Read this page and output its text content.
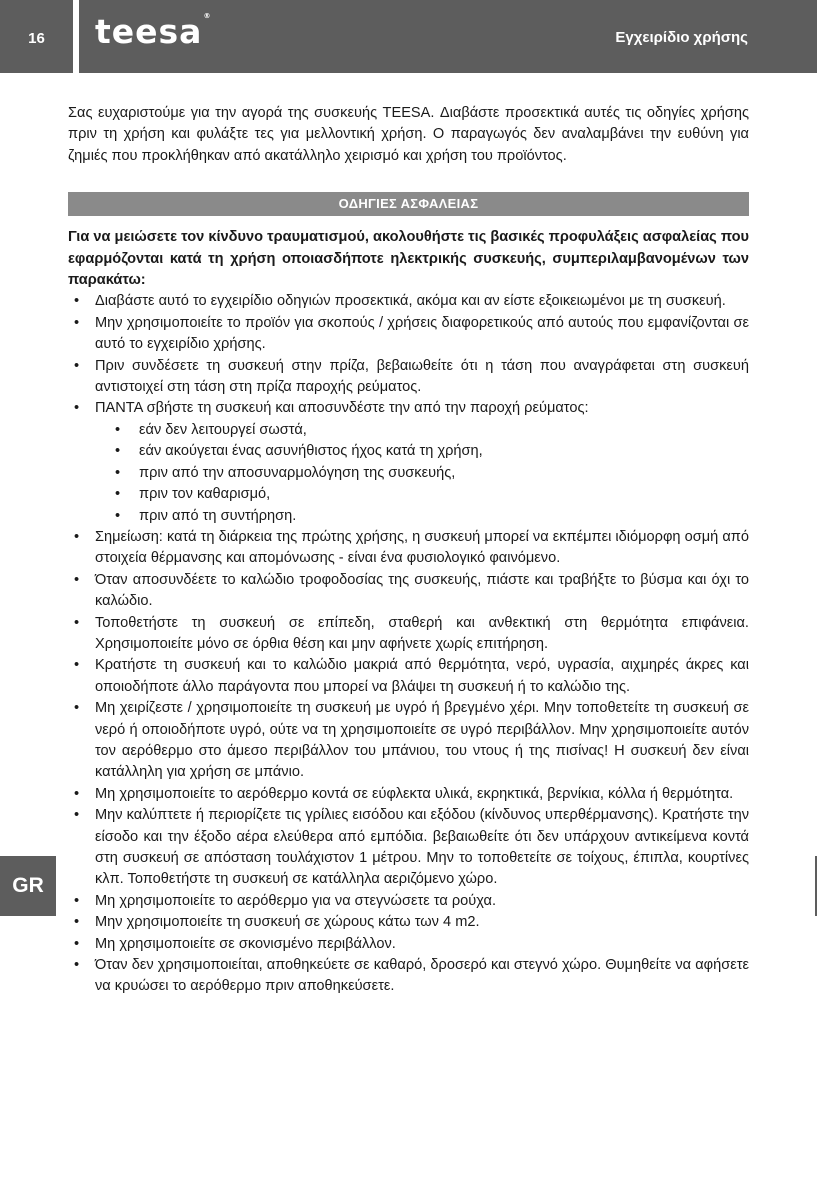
16 teesa®
Εγχειρίδιο χρήσης

Σας ευχαριστούμε για την αγορά της συσκευής TEESA. Διαβάστε προσεκτικά αυτές τις οδηγίες χρήσης πριν τη χρήση και φυλάξτε τες για μελλοντική χρήση. Ο παραγωγός δεν αναλαμβάνει την ευθύνη για ζημιές που προκλήθηκαν από ακατάλληλο χειρισμό και χρήση του προϊόντος.

ΟΔΗΓΙΕΣ ΑΣΦΑΛΕΙΑΣ

Για να μειώσετε τον κίνδυνο τραυματισμού, ακολουθήστε τις βασικές προφυλάξεις ασφαλείας που εφαρμόζονται κατά τη χρήση οποιασδήποτε ηλεκτρικής συσκευής, συμπεριλαμβανομένων των παρακάτω:

• Διαβάστε αυτό το εγχειρίδιο οδηγιών προσεκτικά, ακόμα και αν είστε εξοικειωμένοι με τη συσκευή.
• Μην χρησιμοποιείτε το προϊόν για σκοπούς / χρήσεις διαφορετικούς από αυτούς που εμφανίζονται σε αυτό το εγχειρίδιο χρήσης.
• Πριν συνδέσετε τη συσκευή στην πρίζα, βεβαιωθείτε ότι η τάση που αναγράφεται στη συσκευή αντιστοιχεί στη τάση στη πρίζα παροχής ρεύματος.
• ΠΑΝΤΑ σβήστε τη συσκευή και αποσυνδέστε την από την παροχή ρεύματος:
• εάν δεν λειτουργεί σωστά,
• εάν ακούγεται ένας ασυνήθιστος ήχος κατά τη χρήση,
• πριν από την αποσυναρμολόγηση της συσκευής,
• πριν τον καθαρισμό,
• πριν από τη συντήρηση.
• Σημείωση: κατά τη διάρκεια της πρώτης χρήσης, η συσκευή μπορεί να εκπέμπει ιδιόμορφη οσμή από στοιχεία θέρμανσης και απομόνωσης - είναι ένα φυσιολογικό φαινόμενο.
• Όταν αποσυνδέετε το καλώδιο τροφοδοσίας της συσκευής, πιάστε και τραβήξτε το βύσμα και όχι το καλώδιο.
• Τοποθετήστε τη συσκευή σε επίπεδη, σταθερή και ανθεκτική στη θερμότητα επιφάνεια. Χρησιμοποιείτε μόνο σε όρθια θέση και μην αφήνετε χωρίς επιτήρηση.
• Κρατήστε τη συσκευή και το καλώδιο μακριά από θερμότητα, νερό, υγρασία, αιχμηρές άκρες και οποιοδήποτε άλλο παράγοντα που μπορεί να βλάψει τη συσκευή ή το καλώδιο της.
• Μη χειρίζεστε / χρησιμοποιείτε τη συσκευή με υγρό ή βρεγμένο χέρι. Μην τοποθετείτε τη συσκευή σε νερό ή οποιοδήποτε υγρό, ούτε να τη χρησιμοποιείτε σε υγρό περιβάλλον. Μην χρησιμοποιείτε αυτόν τον αερόθερμο στο άμεσο περιβάλλον του μπάνιου, του ντους ή της πισίνας! Η συσκευή δεν είναι κατάλληλη για χρήση σε μπάνιο.
• Μη χρησιμοποιείτε το αερόθερμο κοντά σε εύφλεκτα υλικά, εκρηκτικά, βερνίκια, κόλλα ή θερμότητα.
• Μην καλύπτετε ή περιορίζετε τις γρίλιες εισόδου και εξόδου (κίνδυνος υπερθέρμανσης). Κρατήστε την είσοδο και την έξοδο αέρα ελεύθερα από εμπόδια. βεβαιωθείτε ότι δεν υπάρχουν αντικείμενα κοντά στη συσκευή σε απόσταση τουλάχιστον 1 μέτρου. Μην το τοποθετείτε σε τοίχους, έπιπλα, κουρτίνες κλπ. Τοποθετήστε τη συσκευή σε κατάλληλα αεριζόμενο χώρο.
• Μη χρησιμοποιείτε το αερόθερμο για να στεγνώσετε τα ρούχα.
• Μην χρησιμοποιείτε τη συσκευή σε χώρους κάτω των 4 m2.
• Μη χρησιμοποιείτε σε σκονισμένο περιβάλλον.
• Όταν δεν χρησιμοποιείται, αποθηκεύετε σε καθαρό, δροσερό και στεγνό χώρο. Θυμηθείτε να αφήσετε να κρυώσει το αερόθερμο πριν αποθηκεύσετε.
GR
